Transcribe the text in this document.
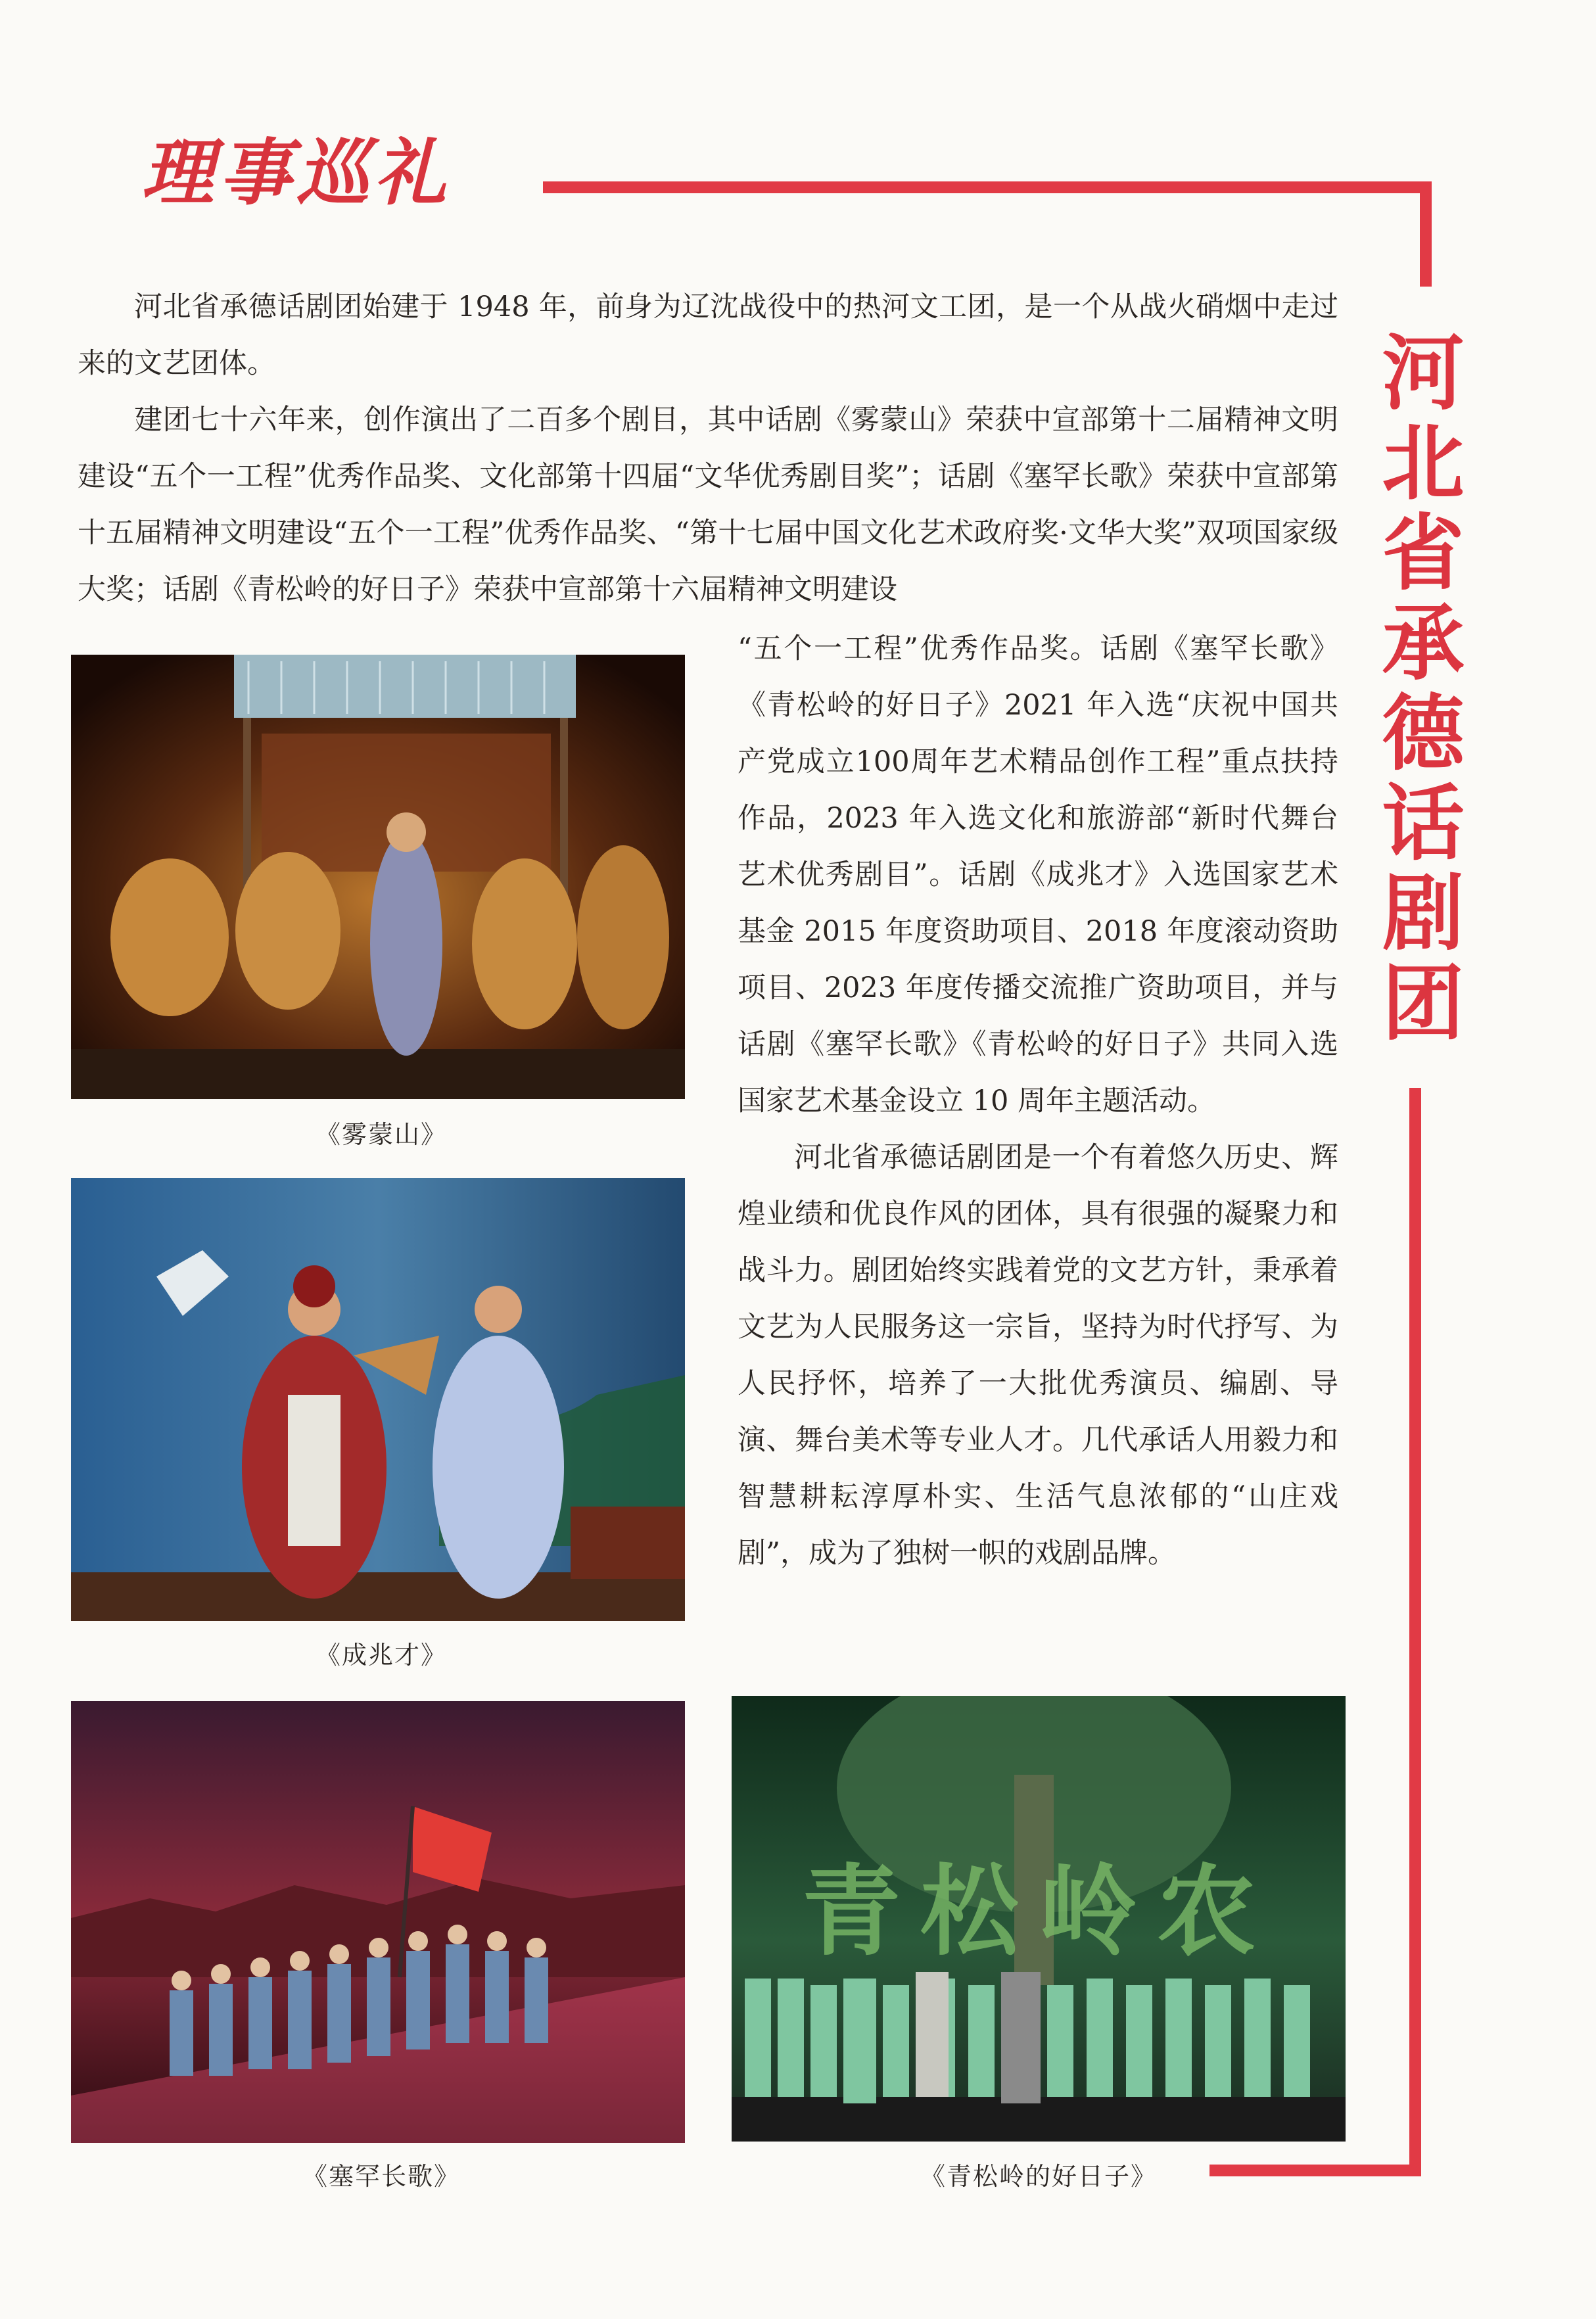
理事巡礼
河
北
省
承
德
话
剧
团

河北省承德话剧团始建于 1948 年，前身为辽沈战役中的热河文工团，是一个从战火硝烟中走过来的文艺团体。

建团七十六年来，创作演出了二百多个剧目，其中话剧《雾蒙山》荣获中宣部第十二届精神文明建设“五个一工程”优秀作品奖、文化部第十四届“文华优秀剧目奖”；话剧《塞罕长歌》荣获中宣部第十五届精神文明建设“五个一工程”优秀作品奖、“第十七届中国文化艺术政府奖·文华大奖”双项国家级大奖；话剧《青松岭的好日子》荣获中宣部第十六届精神文明建设

“五个一工程”优秀作品奖。话剧《塞罕长歌》《青松岭的好日子》2021 年入选“庆祝中国共产党成立100周年艺术精品创作工程”重点扶持作品，2023 年入选文化和旅游部“新时代舞台艺术优秀剧目”。话剧《成兆才》入选国家艺术基金 2015 年度资助项目、2018 年度滚动资助项目、2023 年度传播交流推广资助项目，并与话剧《塞罕长歌》《青松岭的好日子》共同入选国家艺术基金设立 10 周年主题活动。

河北省承德话剧团是一个有着悠久历史、辉煌业绩和优良作风的团体，具有很强的凝聚力和战斗力。剧团始终实践着党的文艺方针，秉承着文艺为人民服务这一宗旨，坚持为时代抒写、为人民抒怀，培养了一大批优秀演员、编剧、导演、舞台美术等专业人才。几代承话人用毅力和智慧耕耘淳厚朴实、生活气息浓郁的“山庄戏剧”，成为了独树一帜的戏剧品牌。

《雾蒙山》
《成兆才》
《塞罕长歌》
青松岭农
《青松岭的好日子》
